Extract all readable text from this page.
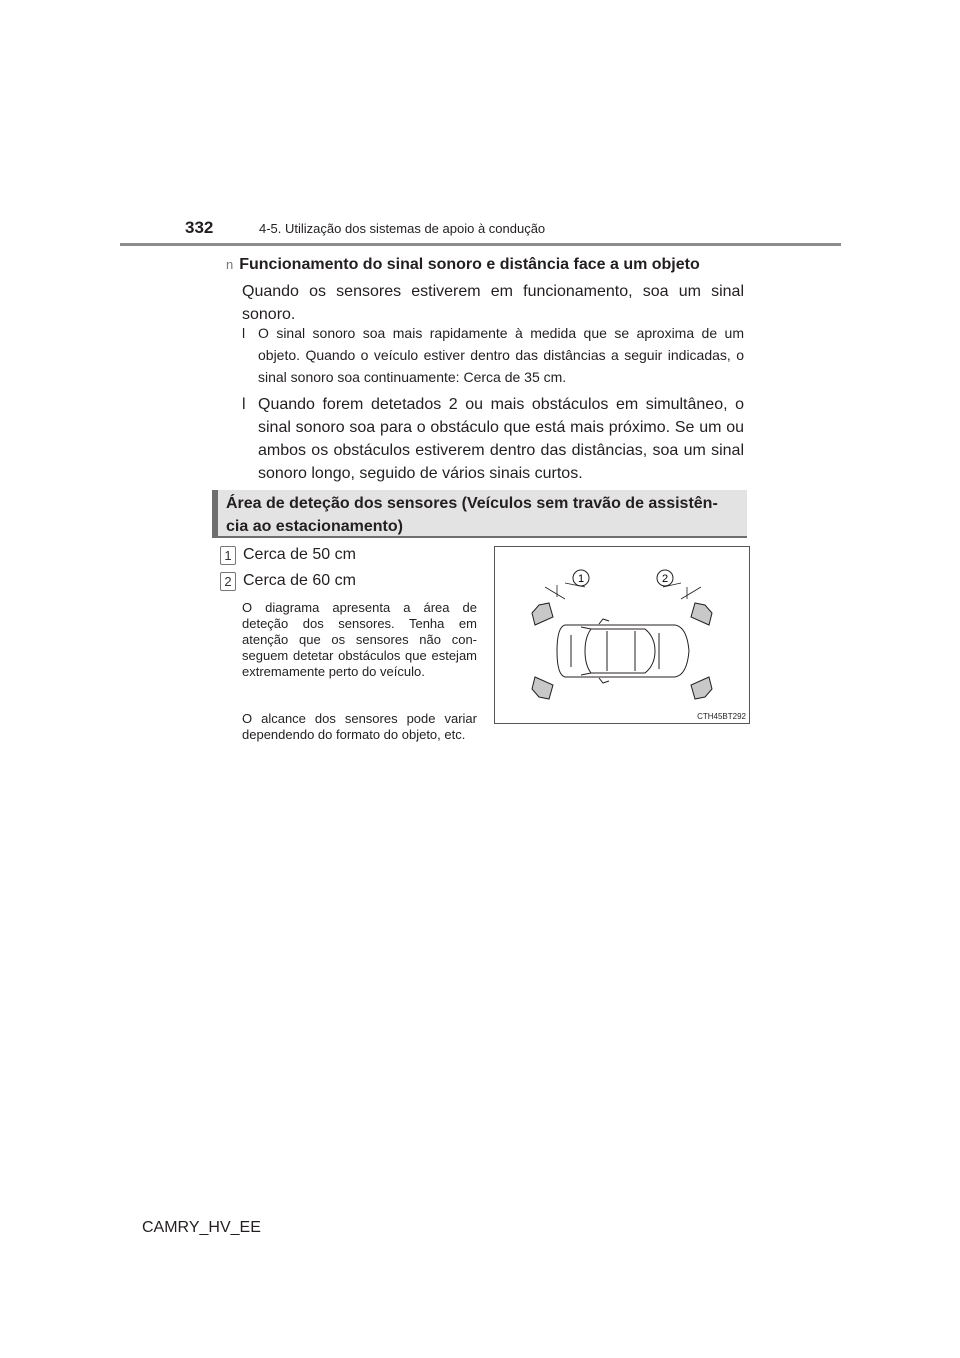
332	4-5. Utilização dos sistemas de apoio à condução
n Funcionamento do sinal sonoro e distância face a um objeto
Quando os sensores estiverem em funcionamento, soa um sinal sonoro.
l O sinal sonoro soa mais rapidamente à medida que se aproxima de um objeto. Quando o veículo estiver dentro das distâncias a seguir indicadas, o sinal sonoro soa continuamente: Cerca de 35 cm.
l Quando forem detetados 2 ou mais obstáculos em simultâneo, o sinal sonoro soa para o obstáculo que está mais próximo. Se um ou ambos os obstáculos estiverem dentro das distâncias, soa um sinal sonoro longo, seguido de vários sinais curtos.
Área de deteção dos sensores (Veículos sem travão de assistên-
cia ao estacionamento)
1 Cerca de 50 cm
2 Cerca de 60 cm
O diagrama apresenta a área de deteção dos sensores. Tenha em atenção que os sensores não con-seguem detetar obstáculos que estejam extremamente perto do veículo.
O alcance dos sensores pode variar dependendo do formato do objeto, etc.
1	2
CTH45BT292
CAMRY_HV_EE
